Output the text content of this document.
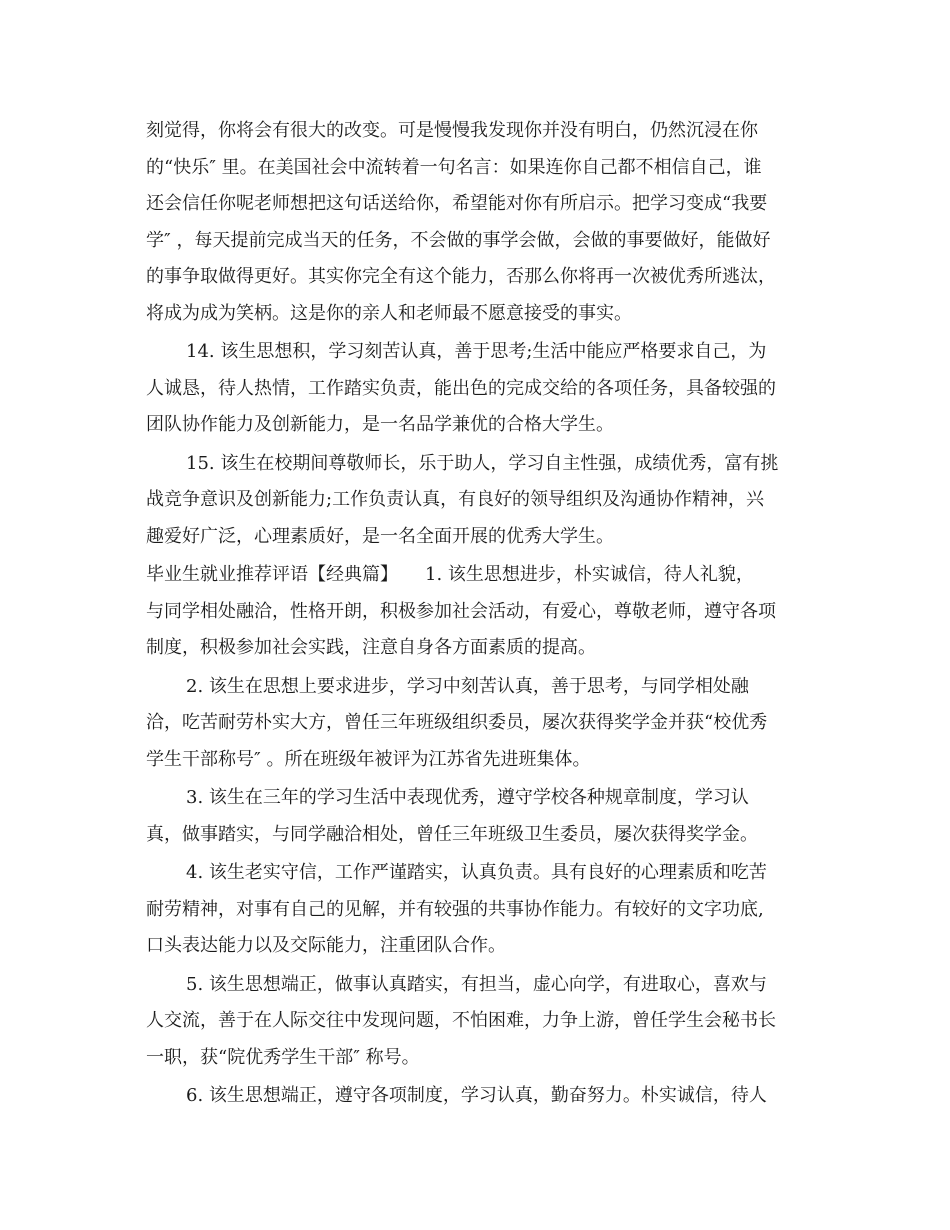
刻觉得，你将会有很大的改变。可是慢慢我发现你并没有明白，仍然沉浸在你
的“快乐″ 里。在美国社会中流转着一句名言：如果连你自己都不相信自己，谁
还会信任你呢老师想把这句话送给你，希望能对你有所启示。把学习变成“我要
学″ ，每天提前完成当天的任务，不会做的事学会做，会做的事要做好，能做好
的事争取做得更好。其实你完全有这个能力，否那么你将再一次被优秀所逃汰，
将成为成为笑柄。这是你的亲人和老师最不愿意接受的事实。
14. 该生思想积，学习刻苦认真，善于思考;生活中能应严格要求自己，为
人诚恳，待人热情，工作踏实负责，能出色的完成交给的各项任务，具备较强的
团队协作能力及创新能力，是一名品学兼优的合格大学生。
15. 该生在校期间尊敬师长，乐于助人，学习自主性强，成绩优秀，富有挑
战竞争意识及创新能力;工作负责认真，有良好的领导组织及沟通协作精神，兴
趣爱好广泛，心理素质好，是一名全面开展的优秀大学生。
毕业生就业推荐评语【经典篇】　　1. 该生思想进步，朴实诚信，待人礼貌，
与同学相处融洽，性格开朗，积极参加社会活动，有爱心，尊敬老师，遵守各项
制度，积极参加社会实践，注意自身各方面素质的提高。
2. 该生在思想上要求进步，学习中刻苦认真，善于思考，与同学相处融
洽，吃苦耐劳朴实大方，曾任三年班级组织委员，屡次获得奖学金并获“校优秀
学生干部称号″ 。所在班级年被评为江苏省先进班集体。
3. 该生在三年的学习生活中表现优秀，遵守学校各种规章制度，学习认
真，做事踏实，与同学融洽相处，曾任三年班级卫生委员，屡次获得奖学金。
4. 该生老实守信，工作严谨踏实，认真负责。具有良好的心理素质和吃苦
耐劳精神，对事有自己的见解，并有较强的共事协作能力。有较好的文字功底,
口头表达能力以及交际能力，注重团队合作。
5. 该生思想端正，做事认真踏实，有担当，虚心向学，有进取心，喜欢与
人交流，善于在人际交往中发现问题，不怕困难，力争上游，曾任学生会秘书长
一职，获“院优秀学生干部″ 称号。
6. 该生思想端正，遵守各项制度，学习认真，勤奋努力。朴实诚信，待人
